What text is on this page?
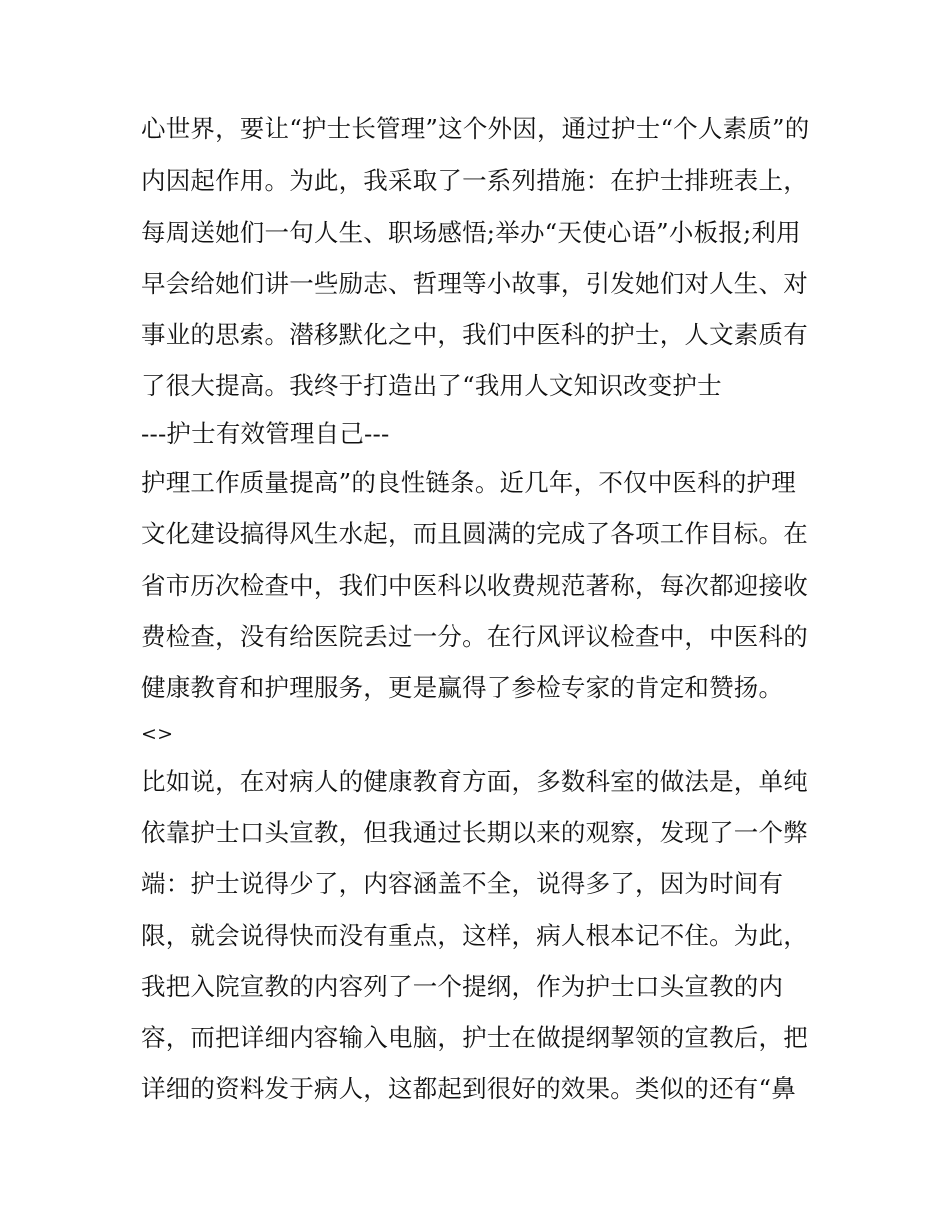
心世界，要让“护士长管理”这个外因，通过护士“个人素质”的
内因起作用。为此，我采取了一系列措施：在护士排班表上，
每周送她们一句人生、职场感悟;举办“天使心语”小板报;利用
早会给她们讲一些励志、哲理等小故事，引发她们对人生、对
事业的思索。潜移默化之中，我们中医科的护士，人文素质有
了很大提高。我终于打造出了“我用人文知识改变护士
---护士有效管理自己---
护理工作质量提高”的良性链条。近几年，不仅中医科的护理
文化建设搞得风生水起，而且圆满的完成了各项工作目标。在
省市历次检查中，我们中医科以收费规范著称，每次都迎接收
费检查，没有给医院丢过一分。在行风评议检查中，中医科的
健康教育和护理服务，更是赢得了参检专家的肯定和赞扬。
<>
比如说，在对病人的健康教育方面，多数科室的做法是，单纯
依靠护士口头宣教，但我通过长期以来的观察，发现了一个弊
端：护士说得少了，内容涵盖不全，说得多了，因为时间有
限，就会说得快而没有重点，这样，病人根本记不住。为此，
我把入院宣教的内容列了一个提纲，作为护士口头宣教的内
容，而把详细内容输入电脑，护士在做提纲挈领的宣教后，把
详细的资料发于病人，这都起到很好的效果。类似的还有“鼻
